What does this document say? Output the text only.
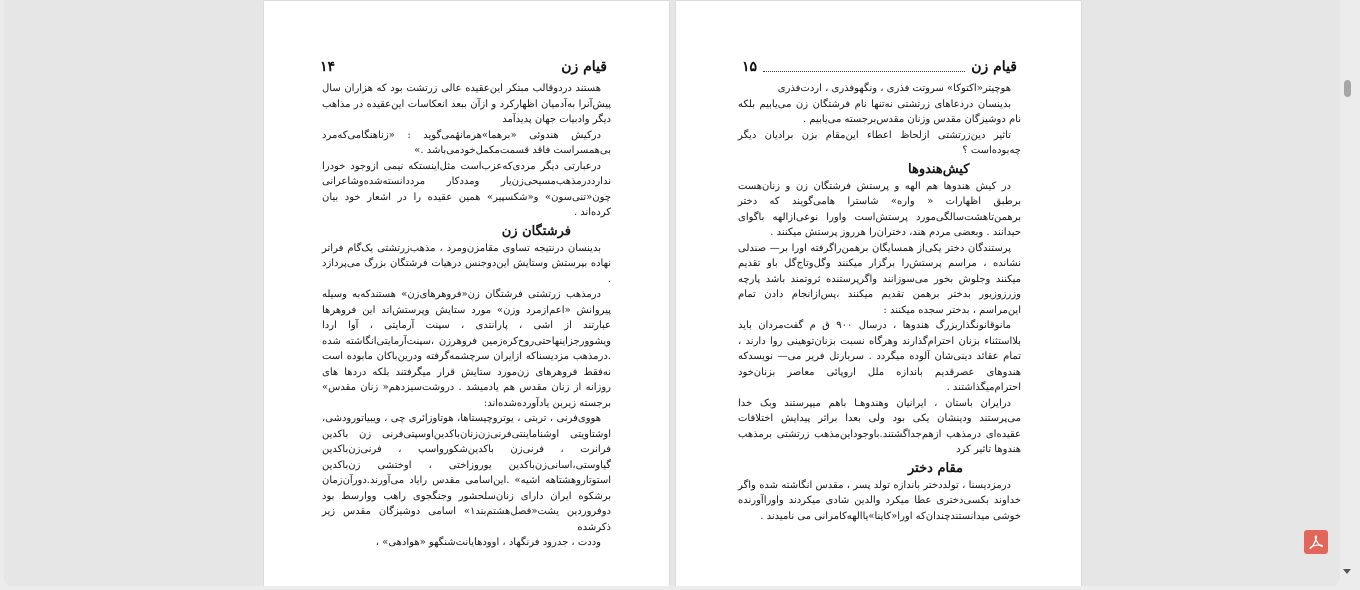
۱۴	قیام زن

هستند دردوقالب مبتکر این‌عقیده عالی زرتشت بود که هزاران سال پیش‌آنرا به‌آدمیان اظهارکرد و ازآن ببعد انعکاسات این‌عقیده در مذاهب دیگر وادبیات جهان پدیدآمد

درکیش هندوئی «برهما»هرمانهٔمی‌گوید : «زناهنگامی‌که‌مرد بی‌همسراست فاقد قسمت‌مکمل‌خودمی‌باشد .»

درعبارتی دیگر مردی‌که‌عزب‌است مثل‌اینستکه نیمی ازوجود خودرا ندارددرمذهب‌مسیحی‌زن‌یار ومددکار مرددانسته‌شده‌وشاعرانی چون«تنی‌سون» و«شکسپیر» همین عقیده را در اشعار خود بیان کرده‌اند .

فرشتگان زن

بدینسان درنتیجه تساوی مقامزن‌ومرد ، مذهب‌زرتشتی یک‌گام فراتر نهاده بپرستش وستایش این‌دوجنس درهیات فرشتگان بزرگ می‌پردازد .

درمذهب زرتشتی فرشتگان زن«فروهرهای‌زن» هستندکه‌به وسیله پیروانش «اعم‌ازمرد وزن» مورد ستایش وپرستش‌اند این فروهرها عبارتند از اشی ، پارانتدی ، سپنت آرمایتی ، آوا اردا ویشوورجزاینهاحتی‌روح‌کره‌زمین فروهرزن ،سپنت‌آرمایتی‌انگاشته شده .درمذهب مزدیسناکه ازایران سرچشمه‌گرفته ودرین‌باکان مابوده است نه‌فقط فروهرهای زن‌مورد ستایش قرار میگرفتند بلکه دردها های روزانه از زنان مقدس هم یادمیشد . دروشت‌سیزدهم« زنان مقدس» برجسته زیربن یادآورده‌شده‌اند:

هووی‌فرنی ، تربتی ، یوتروچیستاها، هوتاوزائری چی ، ویبیاتورودشی، اوشتاویتی اوشناماینتی‌فرنی‌زن‌زنان‌باکدین‌اوسپتی‌فرنی زن باکدین فرانرت ، فرنی‌زن باکدین‌شکورواسپ ، فرنی‌زن‌باکدین گیاوستی،اسانی‌زن‌باکدین یوروزاختی ، اوختشی زن‌باکدین استوتاروهشتاهه اشیه» .این‌اسامی مقدس رایاد می‌آورند.دورآن‌زمان برشکوه ایران دارای زنان‌سلحشور وجنگجوی راهب ووارسط بود دوفروردین یشت«فصل‌هشتم‌بند۱» اسامی دوشیزگان مقدس زیر ذکرشده

وددت ، جدرود فرنگهاد ، اوودهایانت‌شنگهو «هوادهی» ،

۱۵	قیام زن

هوچیتر«اکتوکا» سروتت فذری ، ونگهوفذری ، اردت‌فذری

بدینسان دردعاهای زرتشتی نه‌تنها نام فرشتگان زن می‌یابیم بلکه نام دوشیزگان مقدس وزنان مقدس‌برجسته می‌یابیم .

تاثیر دین‌زرتشتی ازلحاظ اعطاء این‌مقام بزن براديان ديگر چه‌بوده‌است ؟

کیش‌هندوها

در کیش هندوها هم الهه و پرستش فرشتگان زن و زنان‌هست برطبق اظهارات « واره» شاسترا هامی‌گویند که دختر برهمن‌تاهشت‌سالگی‌مورد پرستش‌است واورا نوعی‌ازالهه باگوای حیدانند . وبعضی مردم هند، دختران‌را هرروز پرستش میکنند .

پرستندگان دختر یکی‌از همسایگان برهمن‌راگرفته اورا بر— صندلی نشانده ، مراسم پرستش‌را برگزار میکنند وگل‌وتاج‌گل باو تقدیم میکنند وجلوش بخور می‌سوزانند واگرپرستنده ثروتمند باشد پارچه وزرزوزیور بدختر برهمن تقدیم میکنند ،پس‌ازانجام دادن تمام این‌مراسم ، بدختر سجده میکنند :

مانوقانونگذاربزرگ هندوها ، درسال ۹۰۰ ق م گفت‌مردان باید بلااستثناء بزنان احترام‌گذارند وهرگاه نسبت بزنان‌توهینی روا دارند ، تمام عقائد دینی‌شان آلوده میگردد . سربارتل فریر می— نویسدکه هندوهای عصرقدیم باندازه ملل اروپائی معاصر بزنان‌خود احترام‌میگذاشتند .

درایران باستان ، ایرانیان وهندوهـا باهم میپرستند وبک خدا می‌پرستند ودینشان یکی بود ولی بعدا براثر پیدایش اختلافات عقیده‌ای درمذهب ازهم‌جداگشتند.باوجوداین‌مذهب زرتشتی برمذهب هندوها تاثیر کرد

مقام دختر

درمزدیسنا ، تولددختر باندازه تولد پسر ، مقدس انگاشته شده واگر خداوند بکسی‌دختری عطا میکرد والدین شادی میکردند واورا‌آورنده خوشی میدانستندچندان‌که اورا«کاینا»یاالهه‌کامرانی می نامیدند .
